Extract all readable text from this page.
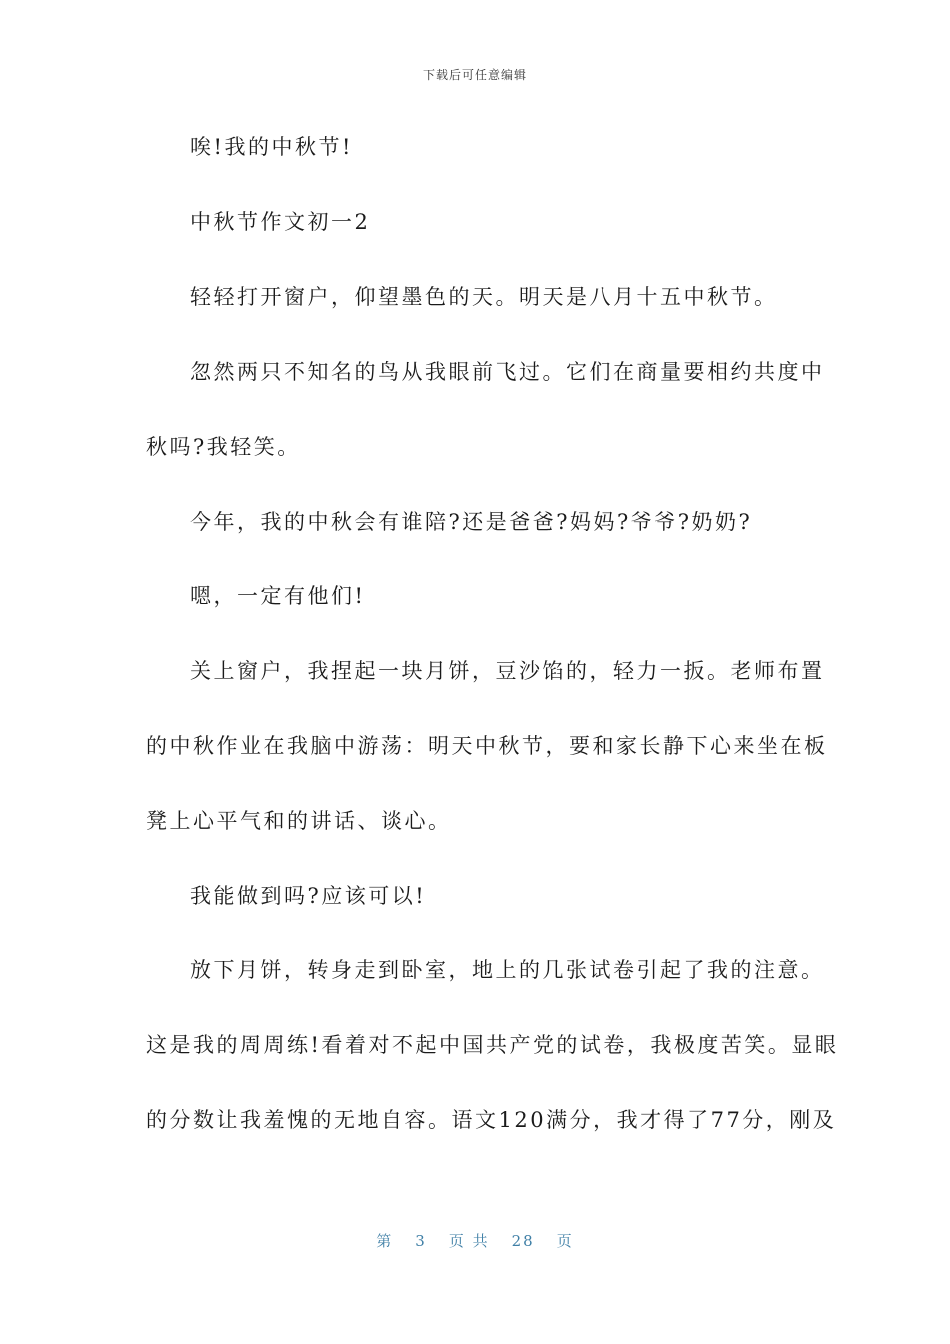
下载后可任意编辑
唉!我的中秋节!
中秋节作文初一2
轻轻打开窗户，仰望墨色的天。明天是八月十五中秋节。
忽然两只不知名的鸟从我眼前飞过。它们在商量要相约共度中
秋吗?我轻笑。
今年，我的中秋会有谁陪?还是爸爸?妈妈?爷爷?奶奶?
嗯，一定有他们!
关上窗户，我捏起一块月饼，豆沙馅的，轻力一扳。老师布置
的中秋作业在我脑中游荡：明天中秋节，要和家长静下心来坐在板
凳上心平气和的讲话、谈心。
我能做到吗?应该可以!
放下月饼，转身走到卧室，地上的几张试卷引起了我的注意。
这是我的周周练!看着对不起中国共产党的试卷，我极度苦笑。显眼
的分数让我羞愧的无地自容。语文120满分，我才得了77分，刚及
第 3 页 共 28 页
